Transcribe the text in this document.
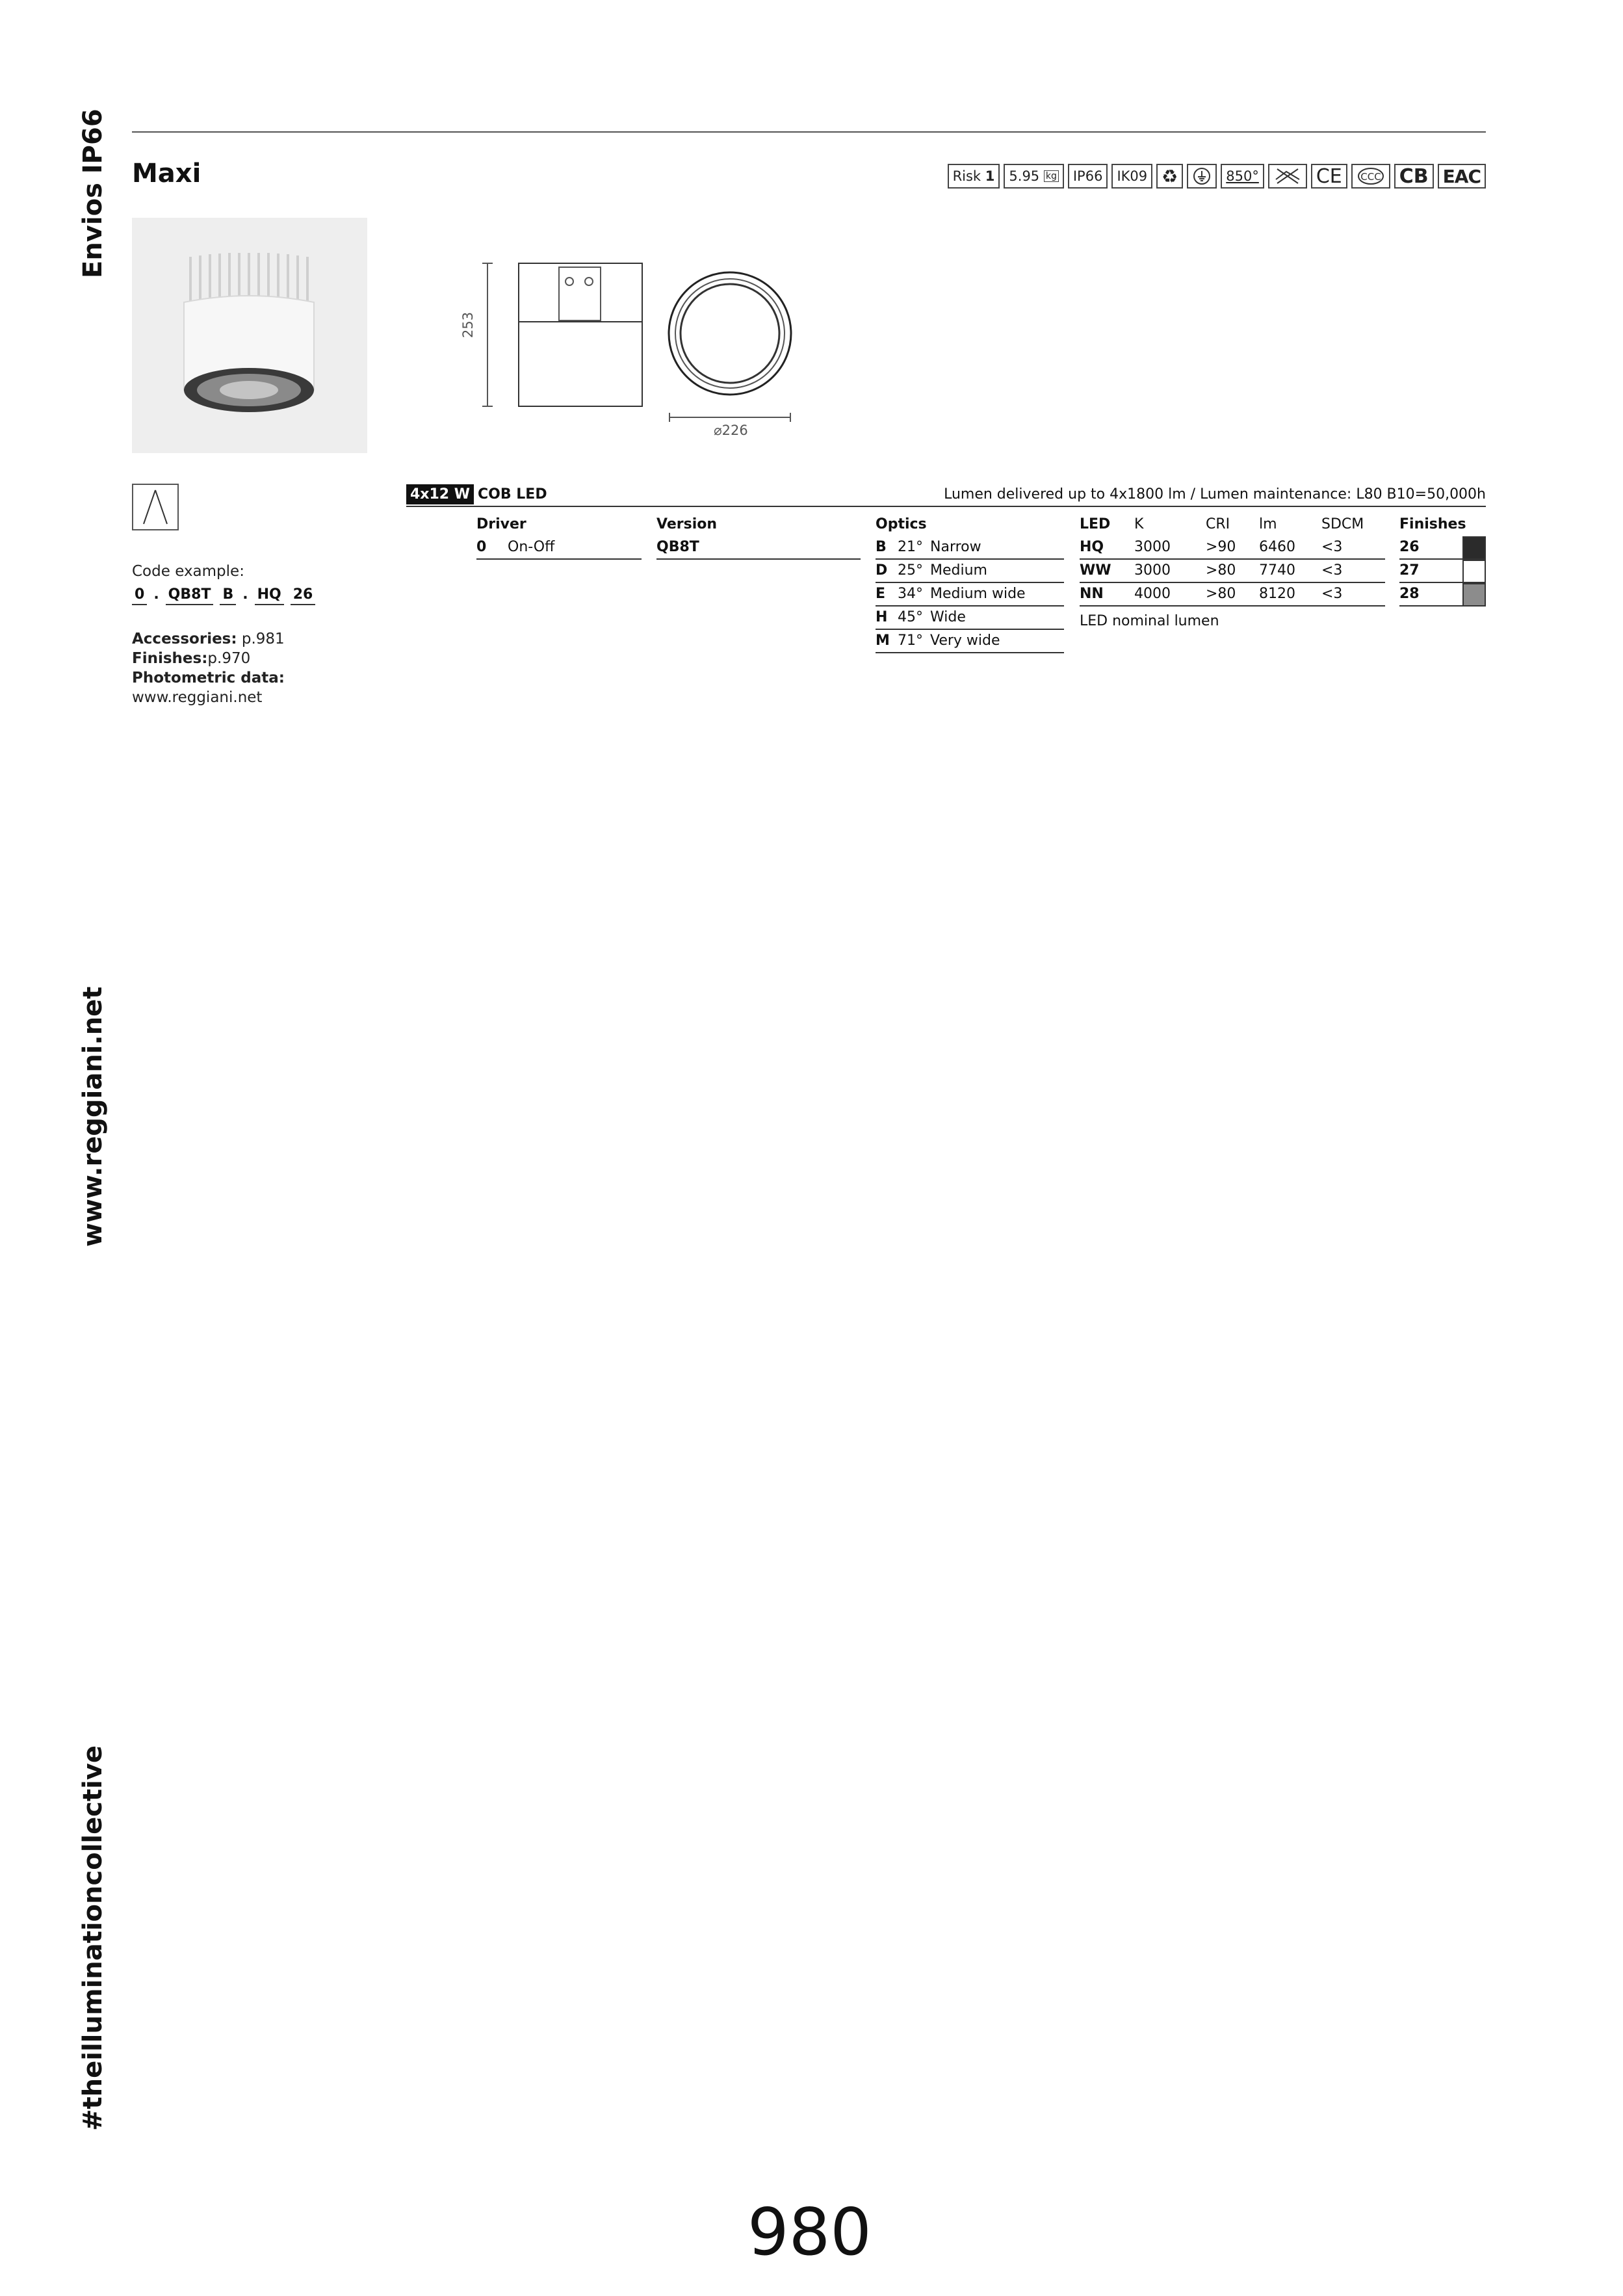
Envios IP66
www.reggiani.net
#theilluminationcollective
Maxi	Risk
1 5.95
kg	IP66	IK09 ♻	850°	CE	CCC CB EAC
253
⌀226
Code example:
0 . QB8T B . HQ 26
Accessories: p.981
Finishes:p.970
Photometric data:
www.reggiani.net
4x12 W COB LED	Lumen delivered up to 4x1800 lm / Lumen maintenance: L80 B10=50,000h
Driver
0 On-Off
Version
QB8T
Optics
B 21° Narrow
D 25° Medium
E 34° Medium wide
H 45° Wide
M 71° Very wide
LED K	CRI lm	SDCM
HQ 3000 >90 6460 <3
WW 3000 >80 7740 <3
NN 4000 >80 8120 <3
LED nominal lumen
Finishes
26
27
28
980
